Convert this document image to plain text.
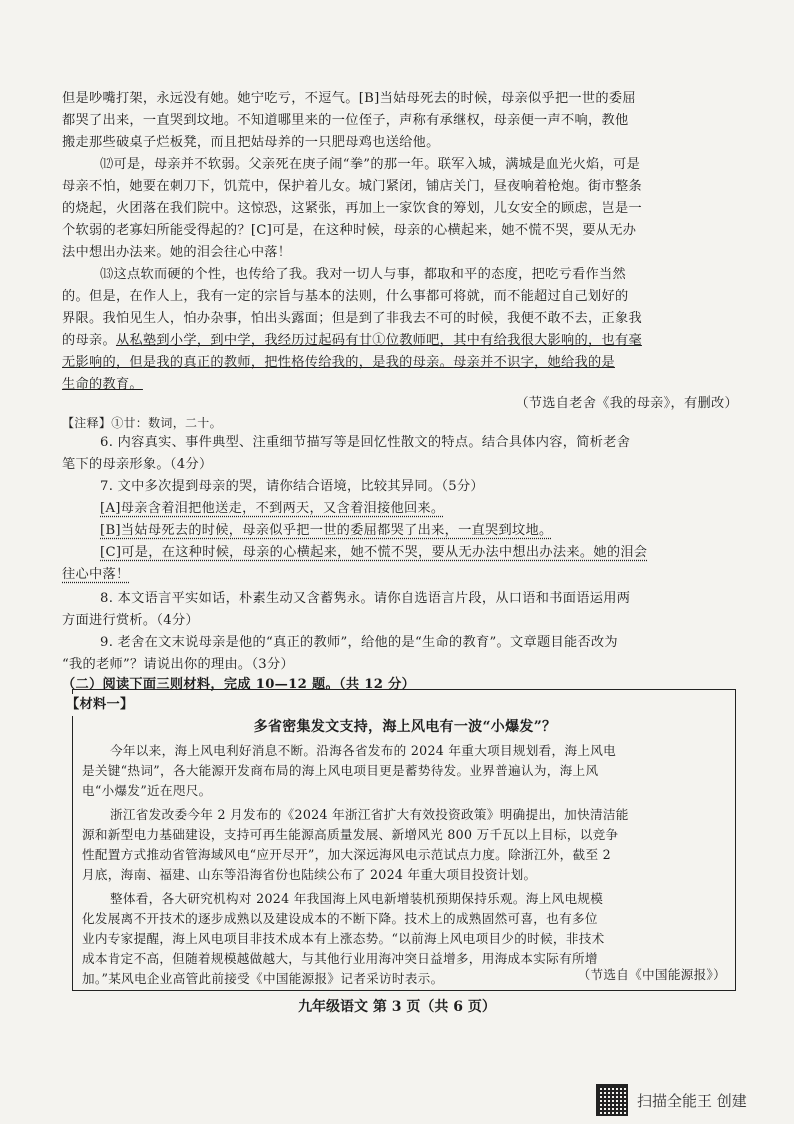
但是吵嘴打架，永远没有她。她宁吃亏，不逗气。[B]当姑母死去的时候，母亲似乎把一世的委屈
都哭了出来，一直哭到坟地。不知道哪里来的一位侄子，声称有承继权，母亲便一声不响，教他
搬走那些破桌子烂板凳，而且把姑母养的一只肥母鸡也送给他。
⑿可是，母亲并不软弱。父亲死在庚子闹“拳”的那一年。联军入城，满城是血光火焰，可是
母亲不怕，她要在刺刀下，饥荒中，保护着儿女。城门紧闭，铺店关门，昼夜响着枪炮。街市整条
的烧起，火团落在我们院中。这惊恐，这紧张，再加上一家饮食的筹划，儿女安全的顾虑，岂是一
个软弱的老寡妇所能受得起的？[C]可是，在这种时候，母亲的心横起来，她不慌不哭，要从无办
法中想出办法来。她的泪会往心中落！
⒀这点软而硬的个性，也传给了我。我对一切人与事，都取和平的态度，把吃亏看作当然
的。但是，在作人上，我有一定的宗旨与基本的法则，什么事都可将就，而不能超过自己划好的
界限。我怕见生人，怕办杂事，怕出头露面；但是到了非我去不可的时候，我便不敢不去，正象我
的母亲。从私塾到小学，到中学，我经历过起码有廿①位教师吧，其中有给我很大影响的，也有毫
无影响的，但是我的真正的教师，把性格传给我的，是我的母亲。母亲并不识字，她给我的是
生命的教育。
（节选自老舍《我的母亲》，有删改）
【注释】①廿：数词，二十。
6. 内容真实、事件典型、注重细节描写等是回忆性散文的特点。结合具体内容，简析老舍
笔下的母亲形象。（4分）
7. 文中多次提到母亲的哭，请你结合语境，比较其异同。（5分）
[A]母亲含着泪把他送走，不到两天，又含着泪接他回来。
[B]当姑母死去的时候，母亲似乎把一世的委屈都哭了出来，一直哭到坟地。
[C]可是，在这种时候，母亲的心横起来，她不慌不哭，要从无办法中想出办法来。她的泪会
往心中落！
8. 本文语言平实如话，朴素生动又含蓄隽永。请你自选语言片段，从口语和书面语运用两
方面进行赏析。（4分）
9. 老舍在文末说母亲是他的“真正的教师”，给他的是“生命的教育”。文章题目能否改为
“我的老师”？请说出你的理由。（3分）
（二）阅读下面三则材料，完成 10—12 题。（共 12 分）
【材料一】
多省密集发文支持，海上风电有一波“小爆发”？
今年以来，海上风电利好消息不断。沿海各省发布的 2024 年重大项目规划看，海上风电
是关键“热词”，各大能源开发商布局的海上风电项目更是蓄势待发。业界普遍认为，海上风
电“小爆发”近在咫尺。
浙江省发改委今年 2 月发布的《2024 年浙江省扩大有效投资政策》明确提出，加快清洁能
源和新型电力基础建设，支持可再生能源高质量发展、新增风光 800 万千瓦以上目标，以竞争
性配置方式推动省管海域风电“应开尽开”，加大深远海风电示范试点力度。除浙江外，截至 2
月底，海南、福建、山东等沿海省份也陆续公布了 2024 年重大项目投资计划。
整体看，各大研究机构对 2024 年我国海上风电新增装机预期保持乐观。海上风电规模
化发展离不开技术的逐步成熟以及建设成本的不断下降。技术上的成熟固然可喜，也有多位
业内专家提醒，海上风电项目非技术成本有上涨态势。“以前海上风电项目少的时候，非技术
成本肯定不高，但随着规模越做越大，与其他行业用海冲突日益增多，用海成本实际有所增
加。”某风电企业高管此前接受《中国能源报》记者采访时表示。	（节选自《中国能源报》）
九年级语文 第 3 页（共 6 页）
扫描全能王 创建
